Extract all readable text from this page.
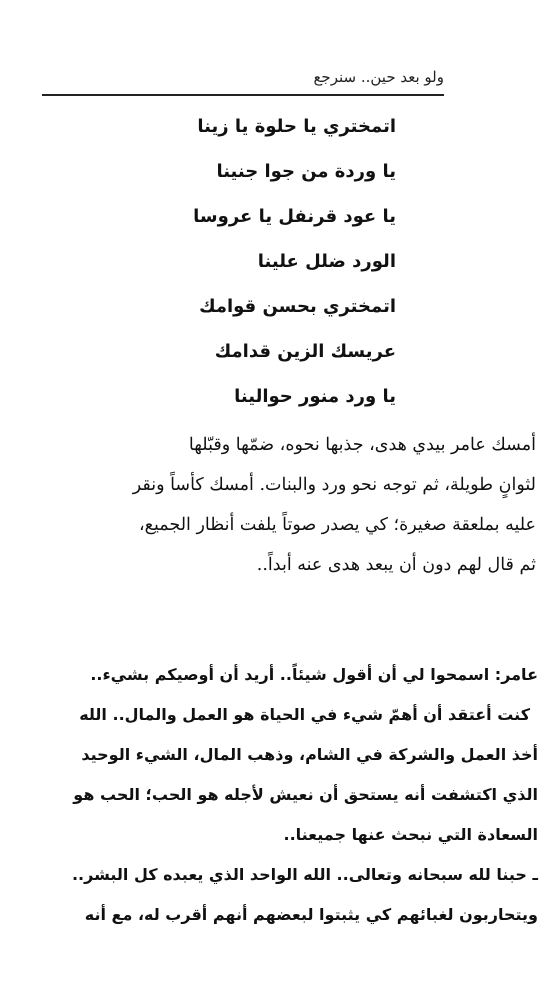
ولو بعد حين.. سنرجع
اتمختري يا حلوة يا زينا
يا وردة من جوا جنينا
يا عود قرنفل يا عروسا
الورد ضلل علينا
اتمختري بحسن قوامك
عريسك الزين قدامك
يا ورد منور حوالينا
أمسك عامر بيدي هدى، جذبها نحوه، ضمّها وقبّلها
لثوانٍ طويلة، ثم توجه نحو ورد والبنات. أمسك كأساً ونقر
عليه بملعقة صغيرة؛ كي يصدر صوتاً يلفت أنظار الجميع،
ثم قال لهم دون أن يبعد هدى عنه أبداً..
عامر: اسمحوا لي أن أقول شيئاً.. أريد أن أوصيكم بشيء..
كنت أعتقد أن أهمّ شيء في الحياة هو العمل والمال.. الله
أخذ العمل والشركة في الشام، وذهب المال، الشيء الوحيد
الذي اكتشفت أنه يستحق أن نعيش لأجله هو الحب؛ الحب هو
السعادة التي نبحث عنها جميعنا..
ـ حبنا لله سبحانه وتعالى.. الله الواحد الذي يعبده كل البشر..
ويتحاربون لغبائهم كي يثبتوا لبعضهم أنهم أقرب له، مع أنه
